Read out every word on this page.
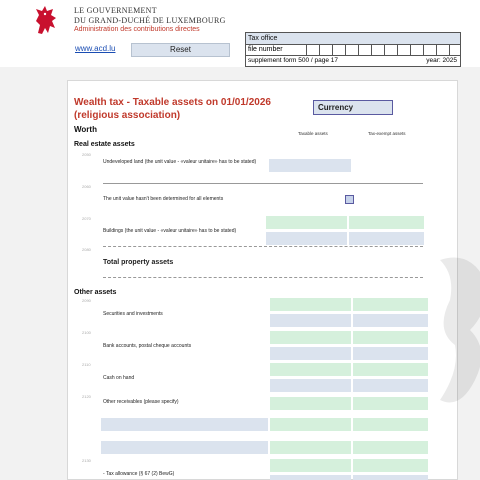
LE GOUVERNEMENT
DU GRAND-DUCHÉ DE LUXEMBOURG
Administration des contributions directes
www.acd.lu	Reset
Tax office
file number
supplement form 500 / page 17	year: 2025
Wealth tax - Taxable assets on 01/01/2026
(religious association)
Currency
Worth	Taxable assets	Tax-exempt assets
Real estate assets
2050
Undeveloped land (the unit value - «valeur unitaire» has to be stated)
2060
The unit value hasn't been determined for all elements
2070
Buildings (the unit value - «valeur unitaire» has to be stated)
2080
Total property assets
Other assets
2090
Securities and investments
2100
Bank accounts, postal cheque accounts
2110
Cash on hand
2120
Other receivables (please specify)
2130
- Tax allowance (§ 67 (2) BewG)
